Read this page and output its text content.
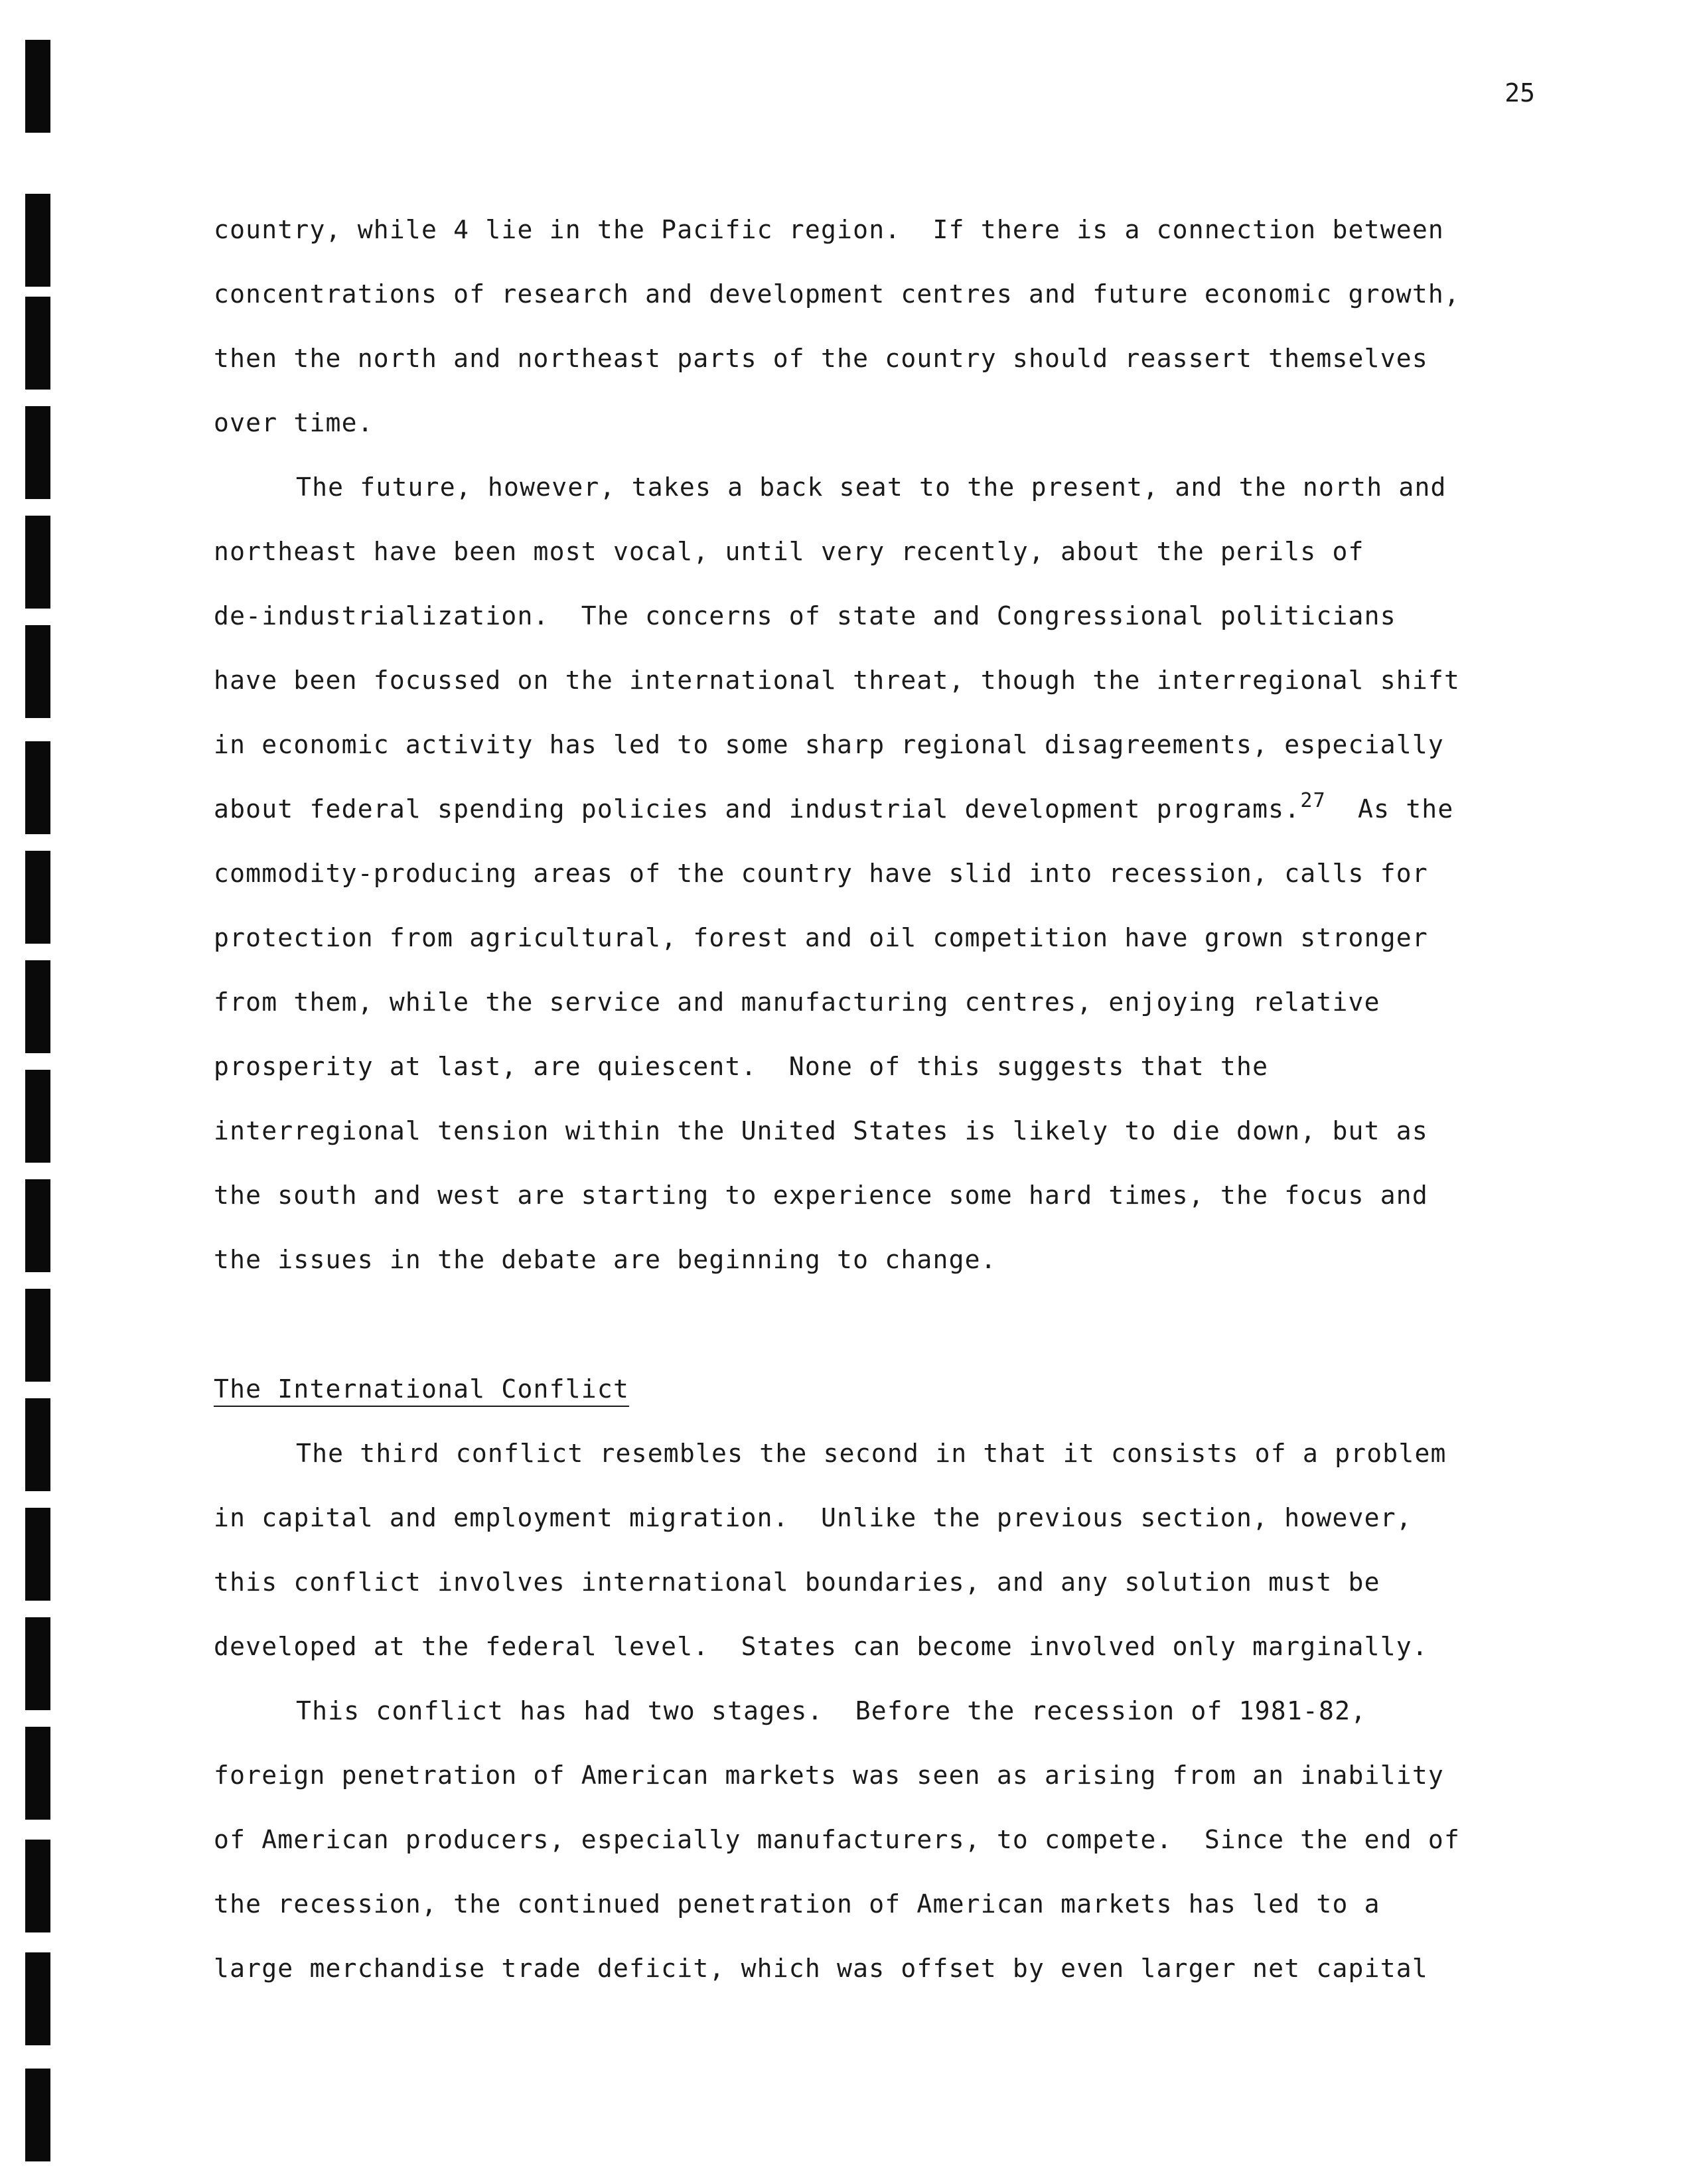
25
country, while 4 lie in the Pacific region.  If there is a connection between
concentrations of research and development centres and future economic growth,
then the north and northeast parts of the country should reassert themselves
over time.
The future, however, takes a back seat to the present, and the north and
northeast have been most vocal, until very recently, about the perils of
de-industrialization.  The concerns of state and Congressional politicians
have been focussed on the international threat, though the interregional shift
in economic activity has led to some sharp regional disagreements, especially
about federal spending policies and industrial development programs.$^{27}$  As the
commodity-producing areas of the country have slid into recession, calls for
protection from agricultural, forest and oil competition have grown stronger
from them, while the service and manufacturing centres, enjoying relative
prosperity at last, are quiescent.  None of this suggests that the
interregional tension within the United States is likely to die down, but as
the south and west are starting to experience some hard times, the focus and
the issues in the debate are beginning to change.
The International Conflict
The third conflict resembles the second in that it consists of a problem
in capital and employment migration.  Unlike the previous section, however,
this conflict involves international boundaries, and any solution must be
developed at the federal level.  States can become involved only marginally.
This conflict has had two stages.  Before the recession of 1981-82,
foreign penetration of American markets was seen as arising from an inability
of American producers, especially manufacturers, to compete.  Since the end of
the recession, the continued penetration of American markets has led to a
large merchandise trade deficit, which was offset by even larger net capital
